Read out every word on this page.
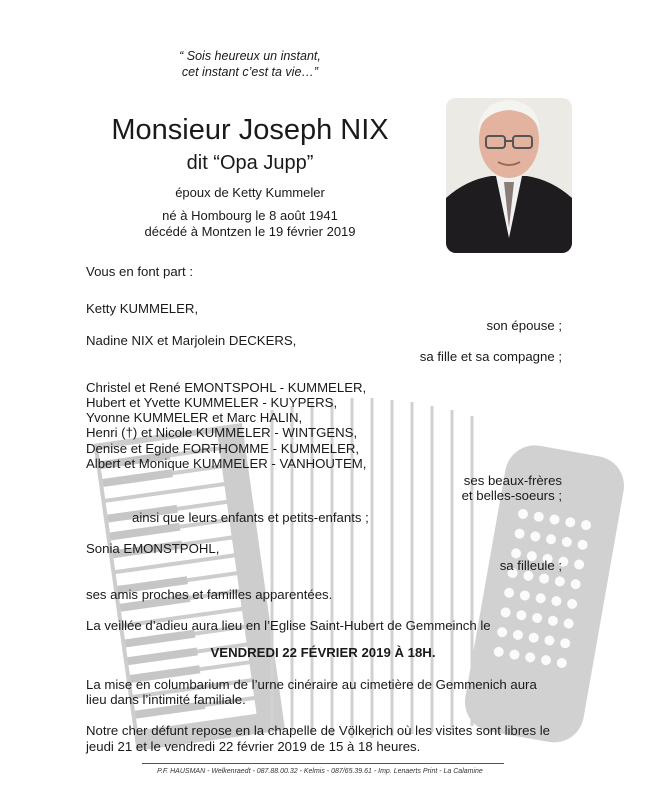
“ Sois heureux un instant,
cet instant c’est ta vie…”
Monsieur Joseph NIX
dit “Opa Jupp”
époux de Ketty Kummeler
né à Hombourg le 8 août 1941
décédé à Montzen le 19 février 2019
Vous en font part :
Ketty KUMMELER,
son épouse ;
Nadine NIX et Marjolein DECKERS,
sa fille et sa compagne ;
Christel et René EMONTSPOHL - KUMMELER,
Hubert et Yvette KUMMELER - KUYPERS,
Yvonne KUMMELER et Marc HALIN,
Henri (†) et Nicole KUMMELER - WINTGENS,
Denise et Egide FORTHOMME - KUMMELER,
Albert et Monique KUMMELER - VANHOUTEM,
ses beaux-frères
et belles-soeurs ;
ainsi que leurs enfants et petits-enfants ;
Sonia EMONSTPOHL,
sa filleule ;
ses amis proches et familles apparentées.
La veillée d’adieu aura lieu en l’Eglise Saint-Hubert de Gemmeinch le
VENDREDI 22 FÉVRIER 2019 À 18H.
La mise en columbarium de l’urne cinéraire au cimetière de Gemmenich aura
lieu dans l’intimité familiale.
Notre cher défunt repose en la chapelle de Völkerich où les visites sont libres le
jeudi 21 et le vendredi 22 février 2019 de 15 à 18 heures.
P.F. HAUSMAN - Welkenraedt - 087.88.00.32 - Kelmis - 087/65.39.61 - Imp. Lenaerts Print - La Calamine
